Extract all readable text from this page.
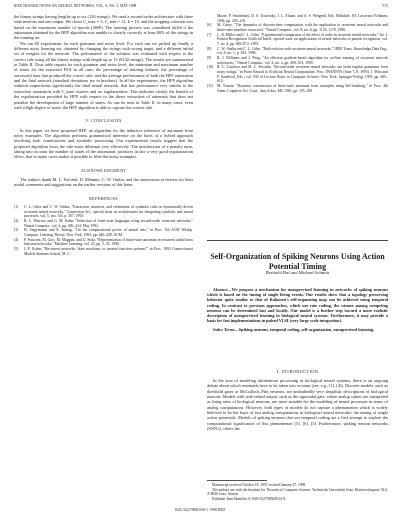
IEEE TRANSACTIONS ON NEURAL NETWORKS, VOL. 9, NO. 3, MAY 1998	575

the binary strings having lengths up to six (126 strings). We used a second-order architecture with three state neurons and one output. We chose C_max = 3, C_min = 12, k = 10, and the stopping criterion was based on the maximum number of epochs (4000). The training process was considered failed if the automaton obtained by the HFF algorithm was unable to classify correctly at least 80% of the strings in the training set.

We ran 60 experiments for each grammar and noise level. For each run we picked up finally a different noisy learning set, obtained by changing the strings with wrong target, and a different initial set of weights for the network. The performance of the solution was evaluated with respect to the correct rule using all the binary strings with length up to 12 (8142 strings). The results are summarized in Table II. Thus table reports for each grammar and noise level, the minimum and maximum number of states for the extracted FSA in all runs, the percentage of training failures, the percentage of successful runs that produced the correct rule, and the average performance of both the HFF automaton and the final network (standard deviations are in brackets). In all the experiments, the HFF algorithm solution outperforms significantly the final neural network, that has performance very similar to the extraction automaton with C_max clusters and no regularization. This indicates clearly the benefit of the regularization provided by HFF with respect to the direct extraction of automata that does not penalize the development of large number of states. As can be seen in Table II, in many cases, even with a high degree of noise, the HFF algorithm is able to capture the correct rule.

V. CONCLUSION

In this paper we have proposed HFF, an algorithm for the inductive inference of automata from noisy examples. The algorithm performs grammatical inference on the basis of a hybrid approach involving both connectionist and symbolic processing. Our experimental results suggest that the proposed algorithm faces the rule-noise dilemma very effectively. The introduction of a penalty term, taking into account the number of states of the automaton, produces in fact a very good regularization effect, that in many cases makes it possible to filter the noisy examples.

ACKNOWLEDGMENT

The authors thank M. L. Forcada, D. Mennini, C. W. Omlin, and the anonymous reviewers for their useful comments and suggestions on the earlier versions of this letter.

REFERENCES
[1] C. L. Giles and C. W. Omlin, "Extraction, insertion, and refinement of symbolic rules in dynamically driven recurrent neural networks," Connection Sci., special issue on architectures for integrating symbolic and neural processes, vol. 5, nos. 3/4, p. 307, 1993.
[2] R. L. Watrous and G. M. Kuhn, "Induction of finite-state languages using second-order recurrent networks," Neural Computa., vol. 4, pp. 406–414, May 1992.
[3] H. Siegelmann and E. Sontag, "On the computational power of neural nets," in Proc. 5th ACM Wkshp. Computa. Learning Theory, New York, 1992, pp. 440–449, ACM.
[4] P. Frasconi, M. Gori, M. Maggini, and G. Soda, "Representation of finite-state automata in recurrent radial basis function networks," Machine Learning, vol. 23, pp. 5–32, 1996.
[5] J. F. Kolen, "Recurrent networks: State machines or iterated function systems?" in Proc. 1993 Connectionist Models Summer School, M. C.
Mozer, P. Smolensky, D. S. Touretzky, J. L. Elman, and A. S. Weigend, Eds. Hillsdale, NJ: Lawrence Erlbaum, 1994, pp. 203–210.
[6] M. Casey, "The dynamics of discrete-time computation, with the application to recurrent neural networks and finite-state machine extraction," Neural Computa., vol. 8, no. 6, pp. 1135–1178, 1996.
[7] C. B. Miller and C. L. Giles, "Experimental comparison of the effect of order in recurrent neural networks," Int. J. Pattern Recognition Artificial Intell., special issue on applications of neural networks to pattern recognition, vol. 7, no. 4, pp. 849–872, 1993.
[8] C. W. Omlin and C. L. Giles, "Rule revision with recurrent neural networks," IEEE Trans. Knowledge Data Eng., vol. 8, no. 1, p. 183, 1996.
[9] R. J. Williams and J. Peng, "An efficient gradient-based algorithm for on-line training of recurrent network trajectories," Neural Computa., vol. 2, no. 4, pp. 490–501, 1990.
[10] R. C. Carrasco and M. L. Forcada, "Second-order recurrent neural networks can learn regular grammars from noisy strings," in From Natural to Artificial Neural Computation: Proc. IWANN'95 (June 7–9, 1995), J. Mira and F. Sandoval, Eds., vol. 930 of Lecture Notes in Computer Science. New York: Springer-Verlag, 1995, pp. 605–610.
[11] M. Tomita, "Dynamic construction of finite-state automata from examples using hill-climbing," in Proc. 4th Annu. Cognitive Sci. Conf., Ann Arbor, MI, 1982, pp. 105–108.
Self-Organization of Spiking Neurons Using Action Potential Timing
Berthold Ruf and Michael Schmitt

Abstract—We propose a mechanism for unsupervised learning in networks of spiking neurons which is based on the timing of single firing events. Our results show that a topology preserving behavior quite similar to that of Kohonen's self-organizing map can be achieved using temporal coding. In contrast to previous approaches, which use rate coding, the winner among competing neurons can be determined fast and locally. Our model is a further step toward a more realistic description of unsupervised learning in biological neural systems. Furthermore, it may provide a basis for fast implementations in pulsed VLSI (very large scale integration).

Index Terms—Spiking neurons, temporal coding, self-organization, unsupervised learning.

I. INTRODUCTION

In the area of modeling information processing in biological neural systems, there is an ongoing debate about which essentials have to be taken into account (see, e.g., [1]–[4]). Discrete models, such as threshold gates or McCulloch–Pitts neurons, are undoubtedly very simplistic descriptions of biological neurons. Models with real-valued output, such as the sigmoidal gate, where analog values are interpreted as firing rates of biological neurons, are more suitable for the modeling of neural processes in terms of analog computations. However, both types of models do not capture a phenomenon which is widely believed to be the basis of fast analog computations in biological neural networks: the timing of single action potentials. Models of spiking neurons that use temporal coding are a first attempt to explore the computational significance of this phenomenon [5], [6], [3]. Furthermore, spiking neuron networks (SNN's), where the

Manuscript received October 18, 1997; revised January 27, 1998.

The authors are with the Institute for Theoretical Computer Science, Technische Universität Graz, Klosterwiesgasse 32/2, A-8010 Graz, Austria.

Publisher Item Identifier S 1045-9227(98)03034-X.

1045–9227/98$10.00 © 1998 IEEE
